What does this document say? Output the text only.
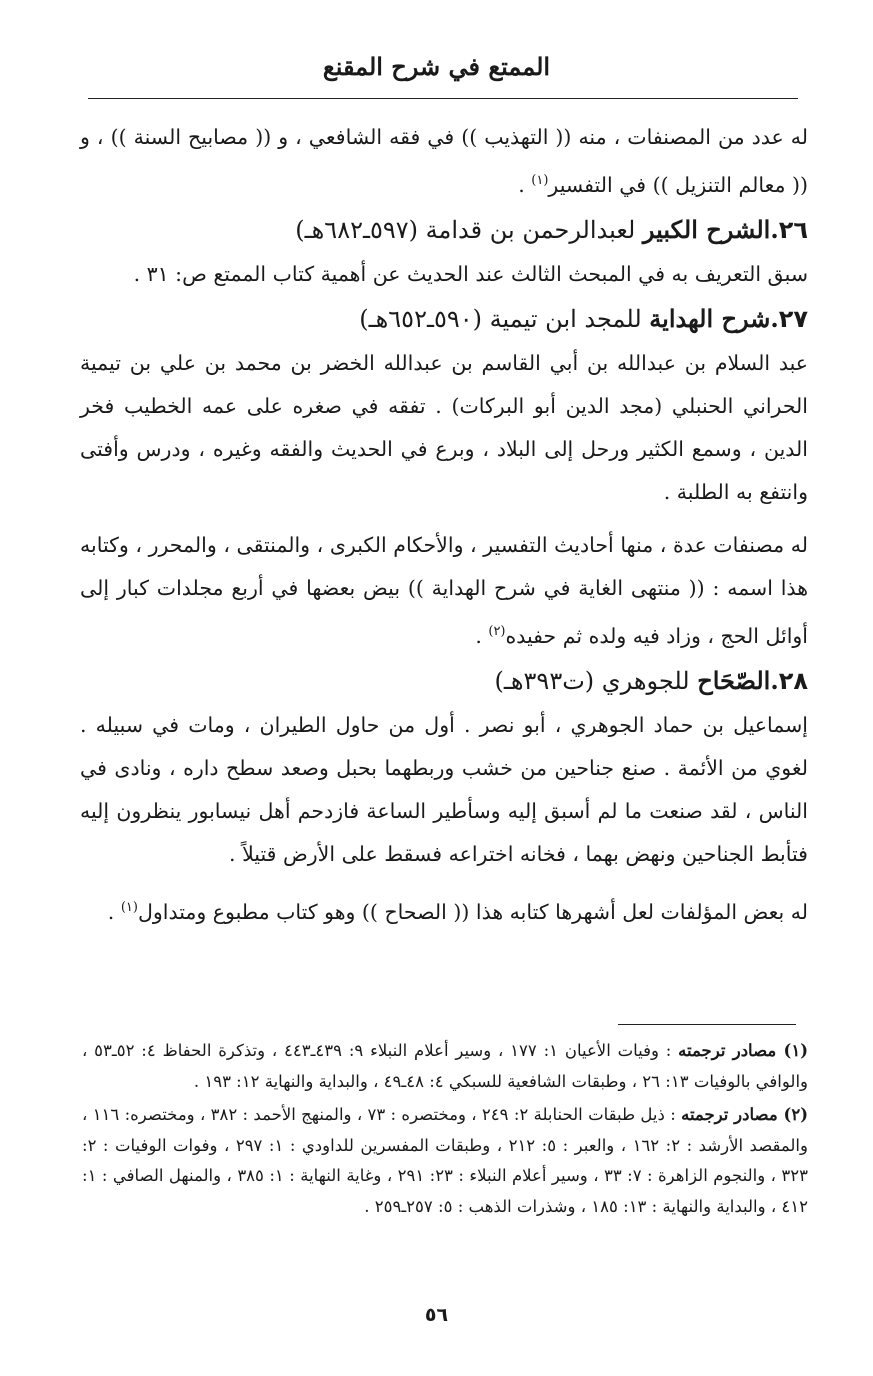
الممتع في شرح المقنع

له عدد من المصنفات ، منه (( التهذيب )) في فقه الشافعي ، و (( مصابيح السنة )) ، و (( معالم التنزيل )) في التفسير$^{(١)}$ .

٢٦.الشرح الكبير لعبدالرحمن بن قدامة (٥٩٧ـ٦٨٢هـ)

سبق التعريف به في المبحث الثالث عند الحديث عن أهمية كتاب الممتع ص: ٣١ .

٢٧.شرح الهداية للمجد ابن تيمية (٥٩٠ـ٦٥٢هـ)

عبد السلام بن عبدالله بن أبي القاسم بن عبدالله الخضر بن محمد بن علي بن تيمية الحراني الحنبلي (مجد الدين أبو البركات) . تفقه في صغره على عمه الخطيب فخر الدين ، وسمع الكثير ورحل إلى البلاد ، وبرع في الحديث والفقه وغيره ، ودرس وأفتى وانتفع به الطلبة .

له مصنفات عدة ، منها أحاديث التفسير ، والأحكام الكبرى ، والمنتقى ، والمحرر ، وكتابه هذا اسمه : (( منتهى الغاية في شرح الهداية )) بيض بعضها في أربع مجلدات كبار إلى أوائل الحج ، وزاد فيه ولده ثم حفيده$^{(٢)}$ .

٢٨.الصّحَاح للجوهري (ت٣٩٣هـ)

إسماعيل بن حماد الجوهري ، أبو نصر . أول من حاول الطيران ، ومات في سبيله . لغوي من الأئمة . صنع جناحين من خشب وربطهما بحبل وصعد سطح داره ، ونادى في الناس ، لقد صنعت ما لم أسبق إليه وسأطير الساعة فازدحم أهل نيسابور ينظرون إليه فتأبط الجناحين ونهض بهما ، فخانه اختراعه فسقط على الأرض قتيلاً .

له بعض المؤلفات لعل أشهرها كتابه هذا (( الصحاح )) وهو كتاب مطبوع ومتداول$^{(١)}$ .

(١) مصادر ترجمته : وفيات الأعيان ١: ١٧٧ ، وسير أعلام النبلاء ٩: ٤٣٩ـ٤٤٣ ، وتذكرة الحفاظ ٤: ٥٢ـ٥٣ ، والوافي بالوفيات ١٣: ٢٦ ، وطبقات الشافعية للسبكي ٤: ٤٨ـ٤٩ ، والبداية والنهاية ١٢: ١٩٣ .

(٢) مصادر ترجمته : ذيل طبقات الحنابلة ٢: ٢٤٩ ، ومختصره : ٧٣ ، والمنهج الأحمد : ٣٨٢ ، ومختصره: ١١٦ ، والمقصد الأرشد : ٢: ١٦٢ ، والعبر : ٥: ٢١٢ ، وطبقات المفسرين للداودي : ١: ٢٩٧ ، وفوات الوفيات : ٢: ٣٢٣ ، والنجوم الزاهرة : ٧: ٣٣ ، وسير أعلام النبلاء : ٢٣: ٢٩١ ، وغاية النهاية : ١: ٣٨٥ ، والمنهل الصافي : ١: ٤١٢ ، والبداية والنهاية : ١٣: ١٨٥ ، وشذرات الذهب : ٥: ٢٥٧ـ٢٥٩ .

٥٦
